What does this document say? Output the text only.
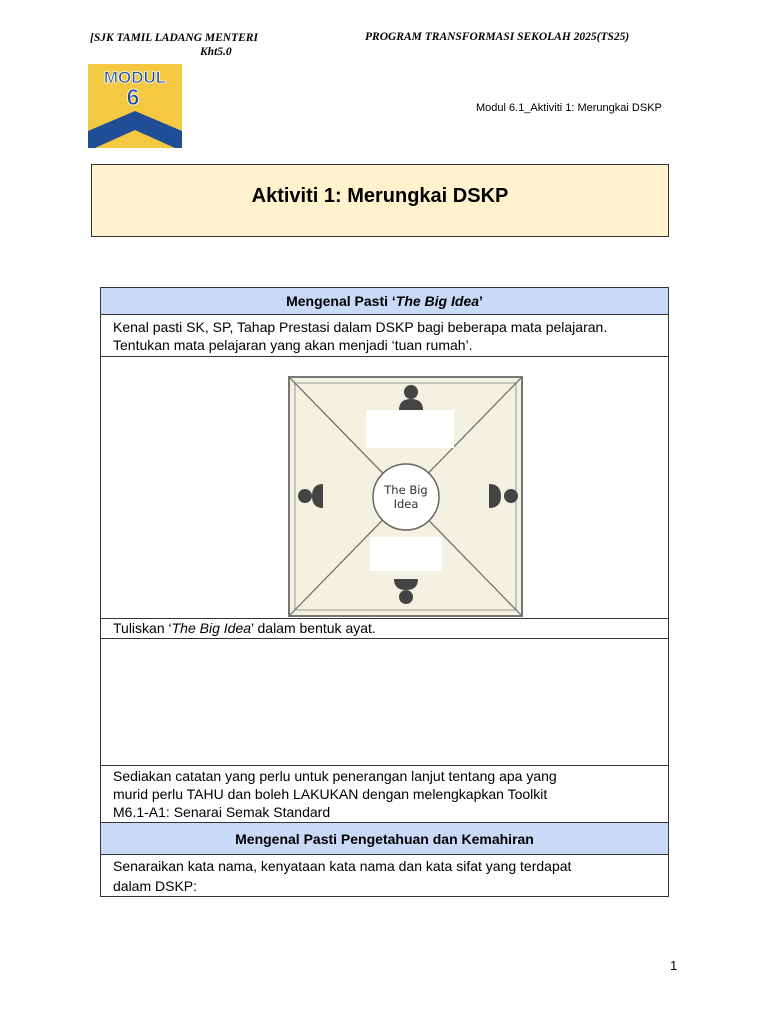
[SJK TAMIL LADANG MENTERI
Kht5.0
PROGRAM TRANSFORMASI SEKOLAH 2025(TS25)
MODUL
6	Modul 6.1_Aktiviti 1: Merungkai DSKP
Aktiviti 1: Merungkai DSKP
Mengenal Pasti ‘The Big Idea’

Kenal pasti SK, SP, Tahap Prestasi dalam DSKP bagi beberapa mata pelajaran.
Tentukan mata pelajaran yang akan menjadi ‘tuan rumah’.

The Big
Idea

Tuliskan ‘The Big Idea’ dalam bentuk ayat.

Sediakan catatan yang perlu untuk penerangan lanjut tentang apa yang
murid perlu TAHU dan boleh LAKUKAN dengan melengkapkan Toolkit
M6.1-A1: Senarai Semak Standard

Mengenal Pasti Pengetahuan dan Kemahiran

Senaraikan kata nama, kenyataan kata nama dan kata sifat yang terdapat
dalam DSKP:
1
